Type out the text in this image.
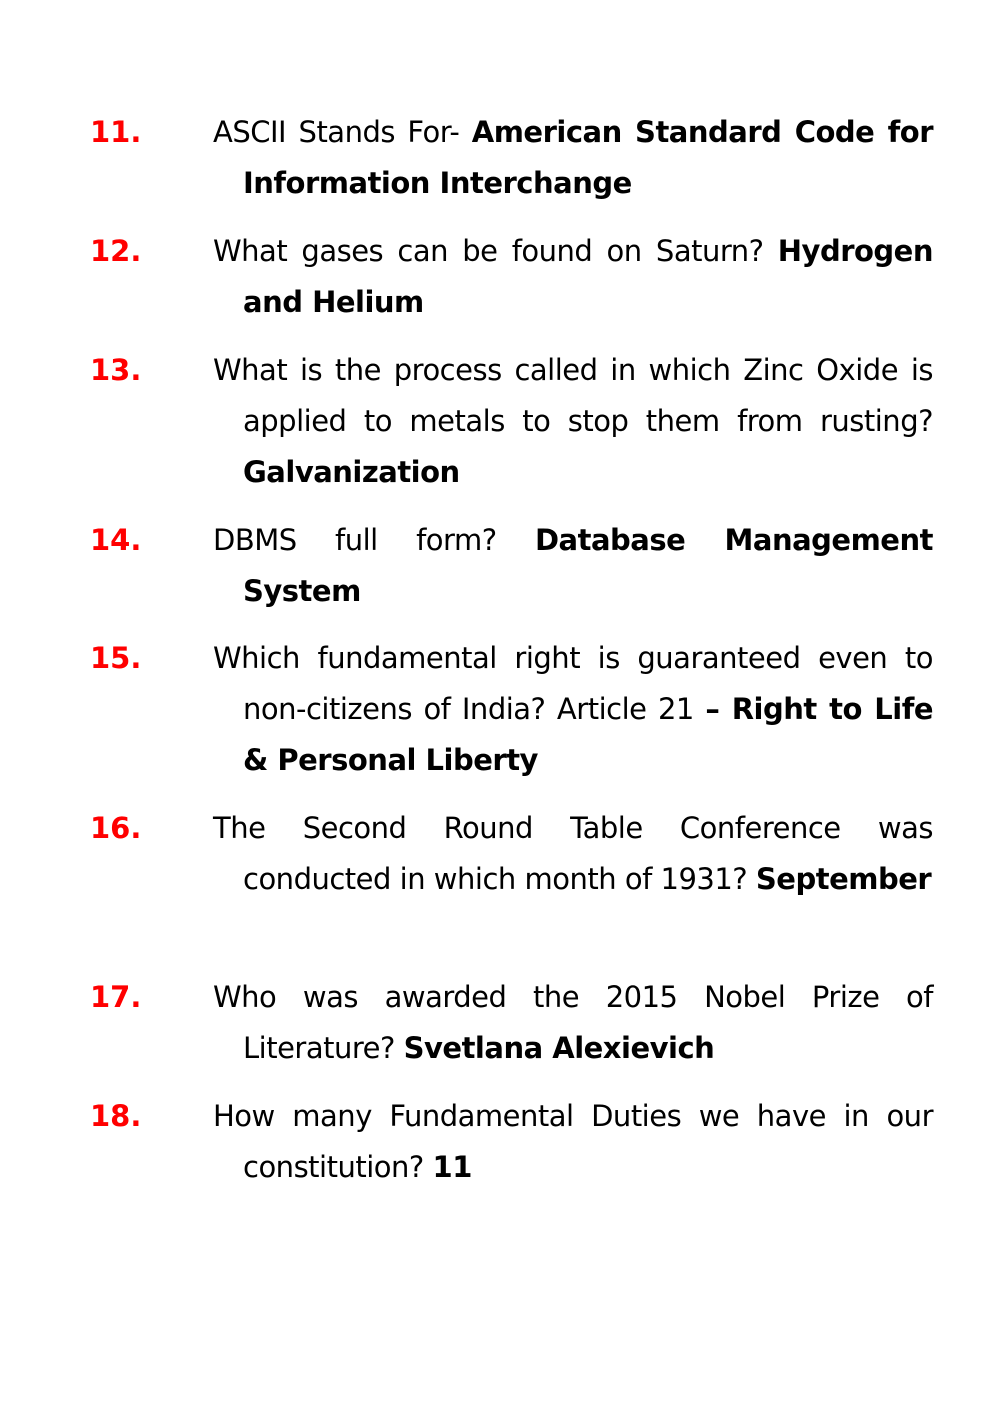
11. ASCII Stands For- American Standard Code for Information Interchange
12. What gases can be found on Saturn? Hydrogen and Helium
13. What is the process called in which Zinc Oxide is applied to metals to stop them from rusting? Galvanization
14. DBMS full form? Database Management System
15. Which fundamental right is guaranteed even to non-citizens of India? Article 21 – Right to Life & Personal Liberty
16. The Second Round Table Conference was conducted in which month of 1931? September
17. Who was awarded the 2015 Nobel Prize of Literature? Svetlana Alexievich
18. How many Fundamental Duties we have in our constitution? 11
